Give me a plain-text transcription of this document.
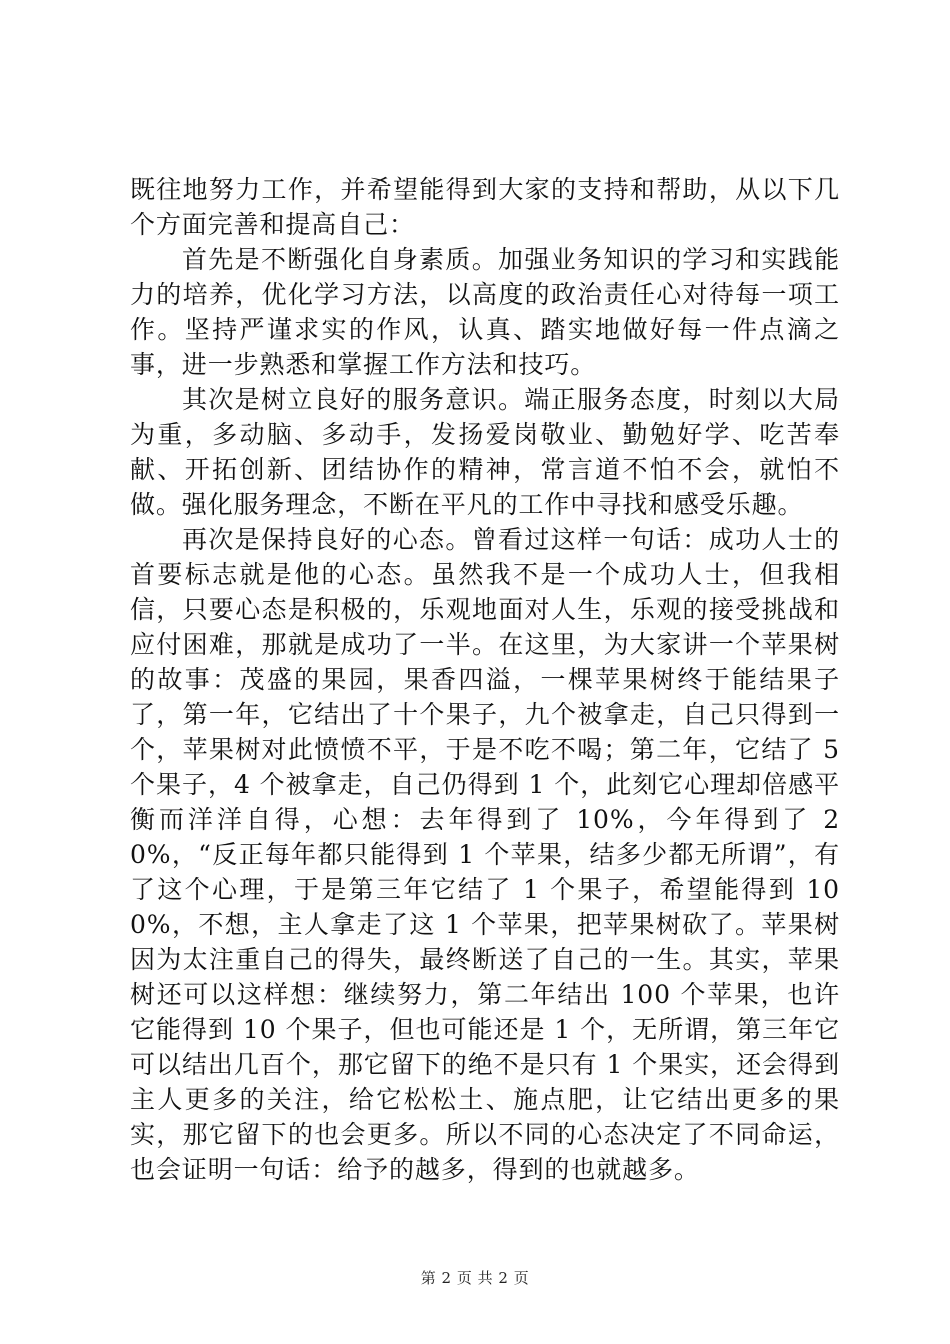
既往地努力工作，并希望能得到大家的支持和帮助，从以下几个方面完善和提高自己：

首先是不断强化自身素质。加强业务知识的学习和实践能力的培养，优化学习方法，以高度的政治责任心对待每一项工作。坚持严谨求实的作风，认真、踏实地做好每一件点滴之事，进一步熟悉和掌握工作方法和技巧。

其次是树立良好的服务意识。端正服务态度，时刻以大局为重，多动脑、多动手，发扬爱岗敬业、勤勉好学、吃苦奉献、开拓创新、团结协作的精神，常言道不怕不会，就怕不做。强化服务理念，不断在平凡的工作中寻找和感受乐趣。

再次是保持良好的心态。曾看过这样一句话：成功人士的首要标志就是他的心态。虽然我不是一个成功人士，但我相信，只要心态是积极的，乐观地面对人生，乐观的接受挑战和应付困难，那就是成功了一半。在这里，为大家讲一个苹果树的故事：茂盛的果园，果香四溢，一棵苹果树终于能结果子了，第一年，它结出了十个果子，九个被拿走，自己只得到一个，苹果树对此愤愤不平，于是不吃不喝；第二年，它结了 5 个果子，4 个被拿走，自己仍得到 1 个，此刻它心理却倍感平衡而洋洋自得，心想：去年得到了 10%，今年得到了 20%，“反正每年都只能得到 1 个苹果，结多少都无所谓”，有了这个心理，于是第三年它结了 1 个果子，希望能得到 100%，不想，主人拿走了这 1 个苹果，把苹果树砍了。苹果树因为太注重自己的得失，最终断送了自己的一生。其实，苹果树还可以这样想：继续努力，第二年结出 100 个苹果，也许它能得到 10 个果子，但也可能还是 1 个，无所谓，第三年它可以结出几百个，那它留下的绝不是只有 1 个果实，还会得到主人更多的关注，给它松松土、施点肥，让它结出更多的果实，那它留下的也会更多。所以不同的心态决定了不同命运，也会证明一句话：给予的越多，得到的也就越多。

第 2 页 共 2 页
